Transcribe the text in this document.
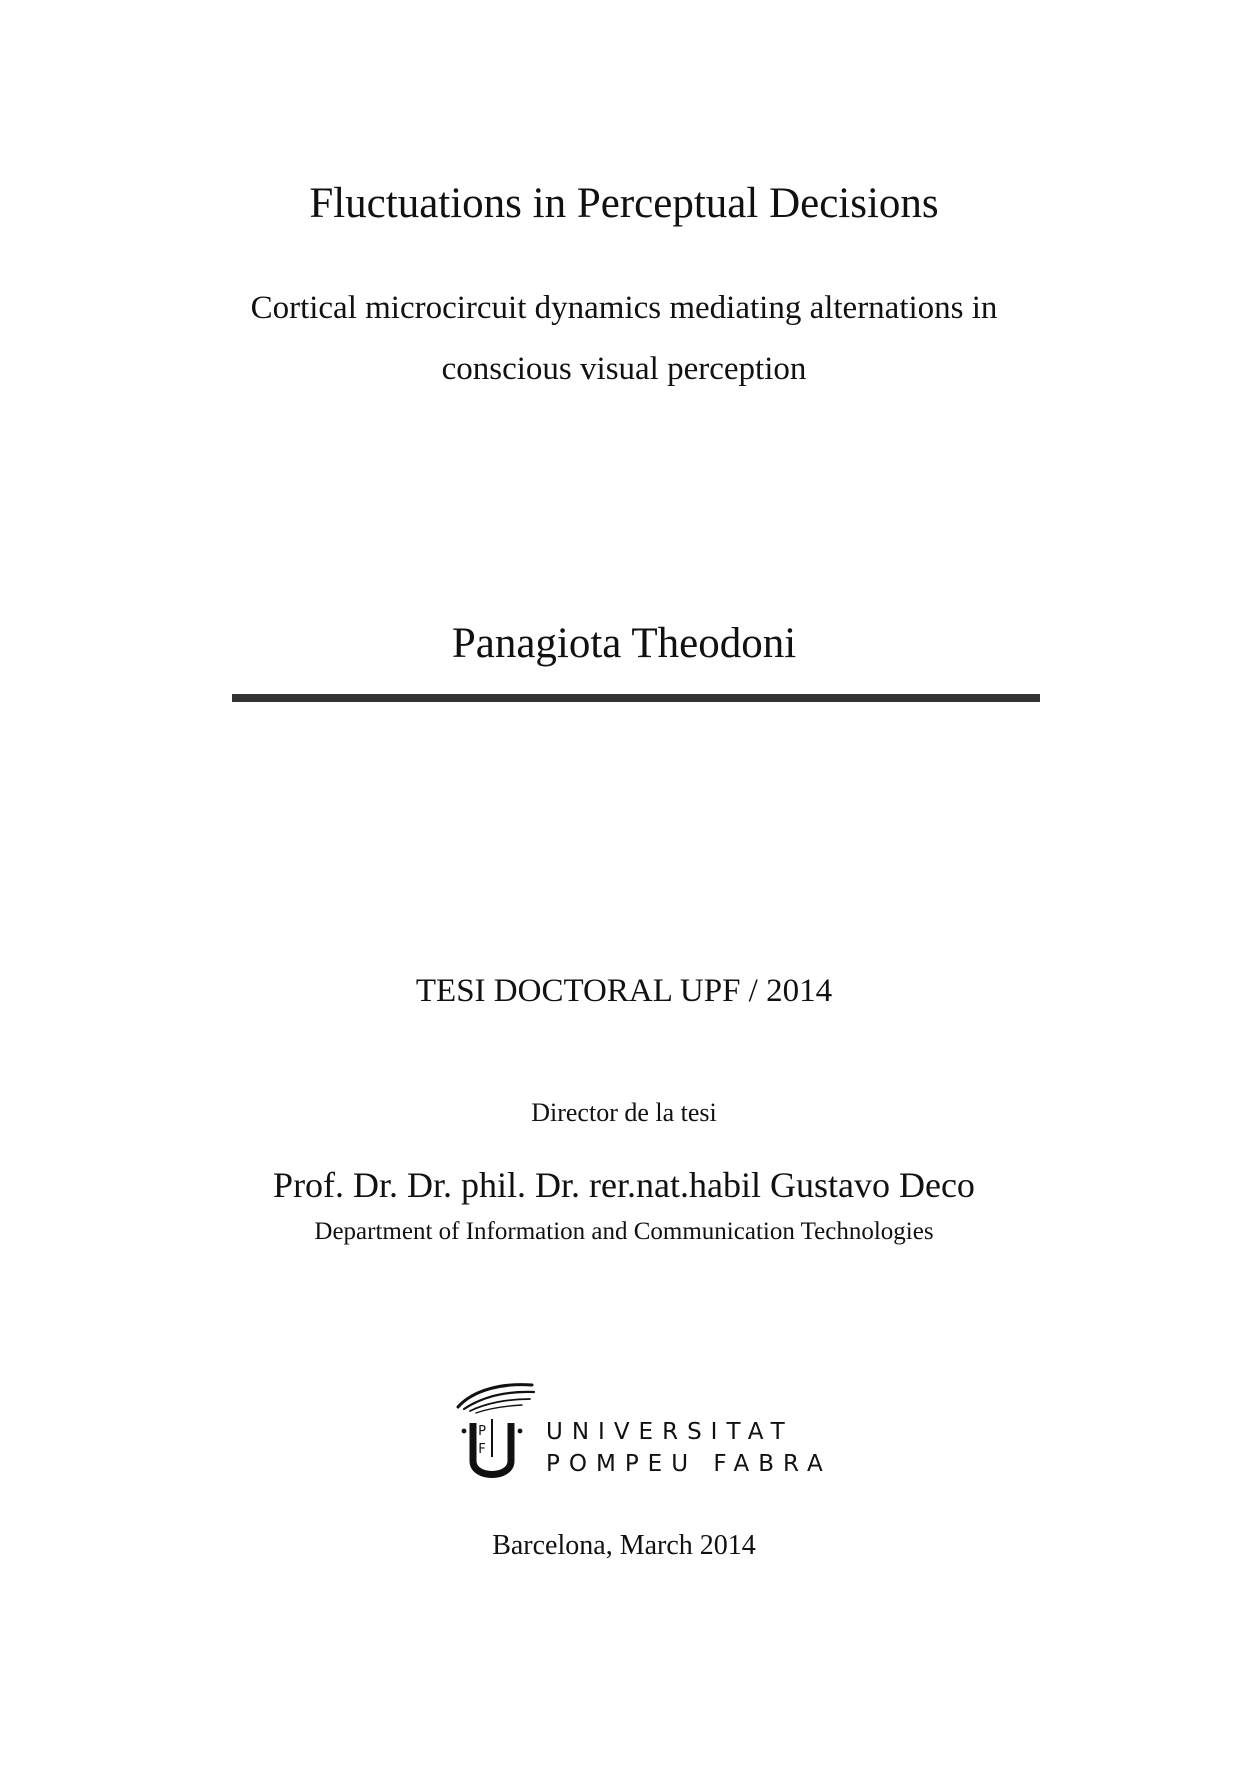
Fluctuations in Perceptual Decisions
Cortical microcircuit dynamics mediating alternations in
conscious visual perception
Panagiota Theodoni
TESI DOCTORAL UPF / 2014
Director de la tesi
Prof. Dr. Dr. phil. Dr. rer.nat.habil Gustavo Deco
Department of Information and Communication Technologies
P
F
UNIVERSITAT
POMPEU FABRA
Barcelona, March 2014
